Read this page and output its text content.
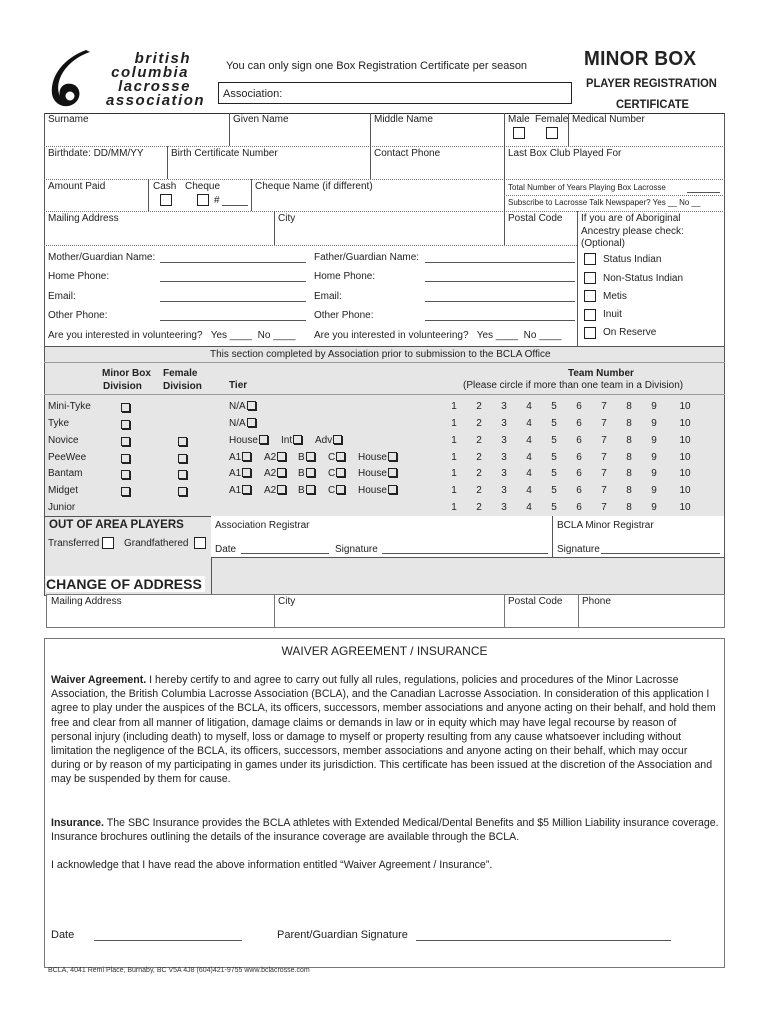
british
columbia
lacrosse
association
You can only sign one Box Registration Certificate per season
Association:
MINOR BOX
PLAYER REGISTRATION
CERTIFICATE
Surname	Given Name	Middle Name	Male Female Medical Number
Birthdate: DD/MM/YY	Birth Certificate Number	Contact Phone	Last Box Club Played For
Amount Paid	Cash Cheque
#
Cheque Name (if different)	Total Number of Years Playing Box Lacrosse
Subscribe to Lacrosse Talk Newspaper? Yes __ No __
Mailing Address	City	Postal Code If you are of Aboriginal Ancestry please check: (Optional)
Mother/Guardian Name:	Father/Guardian Name:
Home Phone:	Home Phone:
Email:	Email:
Other Phone:	Other Phone:
Are you interested in volunteering? Yes ____  No ____ Are you interested in volunteering? Yes ____  No ____
Status Indian
Non-Status Indian
Metis
Inuit
On Reserve
This section completed by Association prior to submission to the BCLA Office
Minor Box
Division
Female
Division	Tier
Team Number
(Please circle if more than one team in a Division)
Mini-Tyke	N/A	1	2	3	4	5	6	7	8	9	10
Tyke	N/A	1	2	3	4	5	6	7	8	9	10
Novice	House	Int	Adv	1	2	3	4	5	6	7	8	9	10
PeeWee	A1	A2	B	C	House	1	2	3	4	5	6	7	8	9	10
Bantam	A1	A2	B	C	House	1	2	3	4	5	6	7	8	9	10
Midget	A1	A2	B	C	House	1	2	3	4	5	6	7	8	9	10
Junior	1	2	3	4	5	6	7	8	9	10
OUT OF AREA PLAYERS
Transferred Grandfathered
Association Registrar
Date	Signature
BCLA Minor Registrar
Signature
CHANGE OF ADDRESS
Mailing Address	City	Postal Code Phone
WAIVER AGREEMENT / INSURANCE
Waiver Agreement. I hereby certify to and agree to carry out fully all rules, regulations, policies and procedures of the Minor Lacrosse Association, the British Columbia Lacrosse Association (BCLA), and the Canadian Lacrosse Association. In consideration of this application I agree to play under the auspices of the BCLA, its officers, successors, member associations and anyone acting on their behalf, and hold them free and clear from all manner of litigation, damage claims or demands in law or in equity which may have legal recourse by reason of personal injury (including death) to myself, loss or damage to myself or property resulting from any cause whatsoever including without limitation the negligence of the BCLA, its officers, successors, member associations and anyone acting on their behalf, which may occur during or by reason of my participating in games under its jurisdiction. This certificate has been issued at the discretion of the Association and may be suspended by them for cause.
Insurance. The SBC Insurance provides the BCLA athletes with Extended Medical/Dental Benefits and $5 Million Liability insurance coverage. Insurance brochures outlining the details of the insurance coverage are available through the BCLA.
I acknowledge that I have read the above information entitled “Waiver Agreement / Insurance”.
Date	Parent/Guardian Signature
BCLA, 4041 Remi Place, Burnaby, BC V5A 4J8 (604)421-9755 www.bclacrosse.com
